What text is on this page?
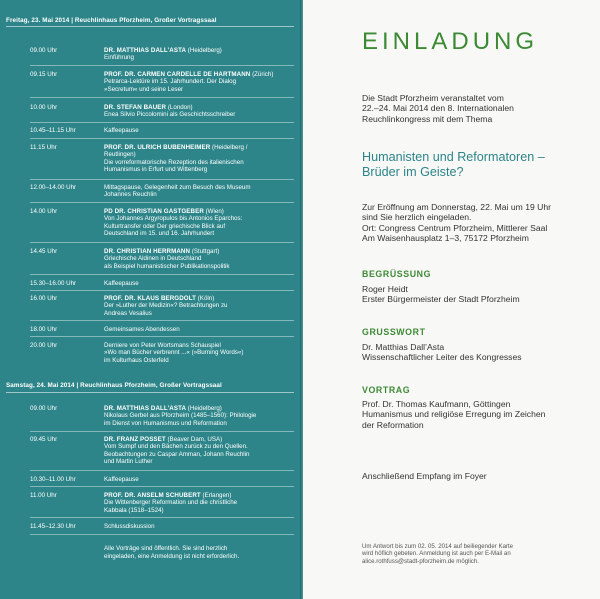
Freitag, 23. Mai 2014 | Reuchlinhaus Pforzheim, Großer Vortragssaal
09.00 Uhr	DR. MATTHIAS DALL’ASTA (Heidelberg)
Einführung
09.15 Uhr	PROF. DR. CARMEN CARDELLE DE HARTMANN (Zürich)
Petrarca-Lektüre im 15. Jahrhundert. Der Dialog
»Secretum« und seine Leser
10.00 Uhr	DR. STEFAN BAUER (London)
Enea Silvio Piccolomini als Geschichtsschreiber
10.45–11.15 Uhr	Kaffeepause
11.15 Uhr	PROF. DR. ULRICH BUBENHEIMER (Heidelberg /
Reutlingen)
Die vorreformatorische Rezeption des italienischen
Humanismus in Erfurt und Wittenberg
12.00–14.00 Uhr	Mittagspause, Gelegenheit zum Besuch des Museum
Johannes Reuchlin
14.00 Uhr	PD DR. CHRISTIAN GASTGEBER (Wien)
Von Johannes Argyropulos bis Antonios Eparchos:
Kulturtransfer oder Der griechische Blick auf
Deutschland im 15. und 16. Jahrhundert
14.45 Uhr	DR. CHRISTIAN HERRMANN (Stuttgart)
Griechische Aldinen in Deutschland
als Beispiel humanistischer Publikationspolitik
15.30–16.00 Uhr	Kaffeepause
16.00 Uhr	PROF. DR. KLAUS BERGDOLT (Köln)
Der »Luther der Medizin«? Betrachtungen zu
Andreas Vesalius
18.00 Uhr	Gemeinsames Abendessen
20.00 Uhr	Derniere von Peter Wortsmans Schauspiel
»Wo man Bücher verbrennt ...« (»Burning Words«)
im Kulturhaus Osterfeld
Samstag, 24. Mai 2014 | Reuchlinhaus Pforzheim, Großer Vortragssaal
09.00 Uhr	DR. MATTHIAS DALL’ASTA (Heidelberg)
Nikolaus Gerbel aus Pforzheim (1485–1560): Philologie
im Dienst von Humanismus und Reformation
09.45 Uhr	DR. FRANZ POSSET (Beaver Dam, USA)
Vom Sumpf und den Bächen zurück zu den Quellen.
Beobachtungen zu Caspar Amman, Johann Reuchlin
und Martin Luther
10.30–11.00 Uhr	Kaffeepause
11.00 Uhr	PROF. DR. ANSELM SCHUBERT (Erlangen)
Die Wittenberger Reformation und die christliche
Kabbala (1518–1524)
11.45–12.30 Uhr	Schlussdiskussion
Alle Vorträge sind öffentlich. Sie sind herzlich
eingeladen, eine Anmeldung ist nicht erforderlich.
EINLADUNG
Die Stadt Pforzheim veranstaltet vom
22.–24. Mai 2014 den 8. Internationalen
Reuchlinkongress mit dem Thema
Humanisten und Reformatoren –
Brüder im Geiste?
Zur Eröffnung am Donnerstag, 22. Mai um 19 Uhr
sind Sie herzlich eingeladen.
Ort: Congress Centrum Pforzheim, Mittlerer Saal
Am Waisenhausplatz 1–3, 75172 Pforzheim
BEGRÜSSUNG
Roger Heidt
Erster Bürgermeister der Stadt Pforzheim
GRUSSWORT
Dr. Matthias Dall’Asta
Wissenschaftlicher Leiter des Kongresses
VORTRAG
Prof. Dr. Thomas Kaufmann, Göttingen
Humanismus und religiöse Erregung im Zeichen
der Reformation
Anschließend Empfang im Foyer
Um Antwort bis zum 02. 05. 2014 auf beiliegender Karte
wird höflich gebeten. Anmeldung ist auch per E-Mail an
alice.rothfuss@stadt-pforzheim.de möglich.
